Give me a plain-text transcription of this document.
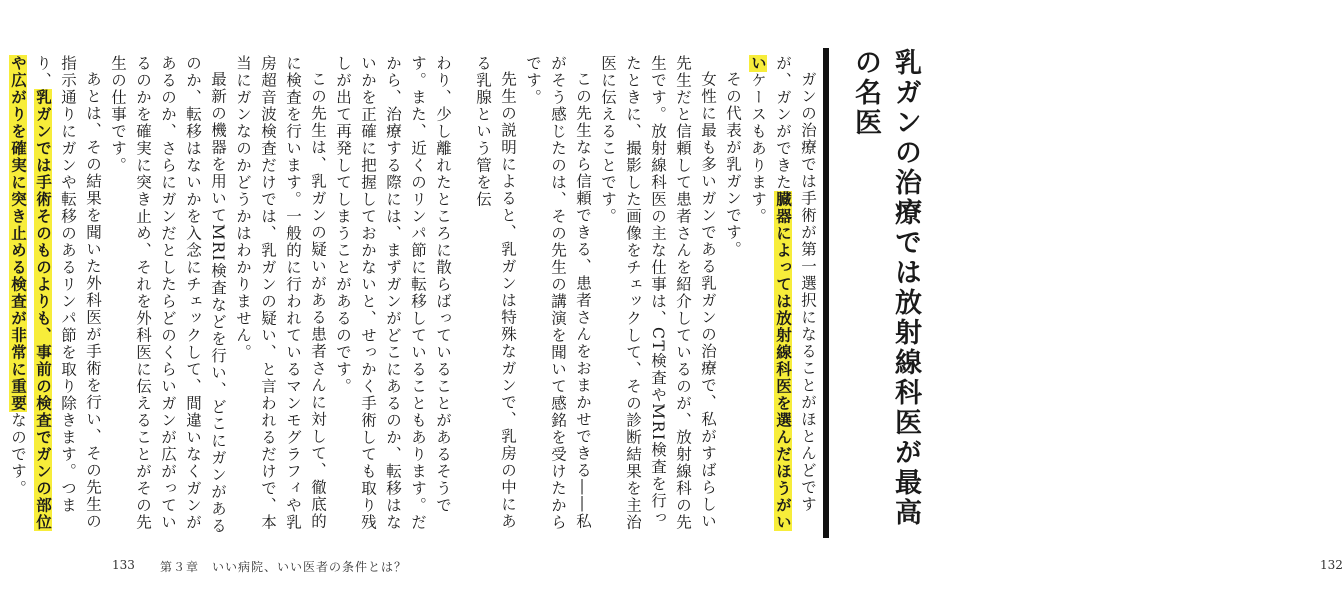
わり、少し離れたところに散らばっていることがあるそうです。また、近くのリンパ節に転移していることもあります。だから、治療する際には、まずガンがどこにあるのか、転移はないかを正確に把握しておかないと、せっかく手術しても取り残しが出て再発してしまうことがあるのです。

この先生は、乳ガンの疑いがある患者さんに対して、徹底的に検査を行います。一般的に行われているマンモグラフィや乳房超音波検査だけでは、乳ガンの疑い、と言われるだけで、本当にガンなのかどうかはわかりません。

最新の機器を用いてMRI検査などを行い、どこにガンがあるのか、転移はないかを入念にチェックして、間違いなくガンがあるのか、さらにガンだとしたらどのくらいガンが広がっているのかを確実に突き止め、それを外科医に伝えることがその先生の仕事です。

あとは、その結果を聞いた外科医が手術を行い、その先生の指示通りにガンや転移のあるリンパ節を取り除きます。つまり、乳ガンでは手術そのものよりも、事前の検査でガンの部位や広がりを確実に突き止める検査が非常に重要なのです。

133 第３章　いい病院、いい医者の条件とは？
乳ガンの治療では放射線科医が最高の名医

ガンの治療では手術が第一選択になることがほとんどですが、ガンができた臓器によっては放射線科医を選んだほうがいいケースもあります。

その代表が乳ガンです。

女性に最も多いガンである乳ガンの治療で、私がすばらしい先生だと信頼して患者さんを紹介しているのが、放射線科の先生です。放射線科医の主な仕事は、CT検査やMRI検査を行ったときに、撮影した画像をチェックして、その診断結果を主治医に伝えることです。

この先生なら信頼できる、患者さんをおまかせできる――私がそう感じたのは、その先生の講演を聞いて感銘を受けたからです。

先生の説明によると、乳ガンは特殊なガンで、乳房の中にある乳腺という管を伝

132
